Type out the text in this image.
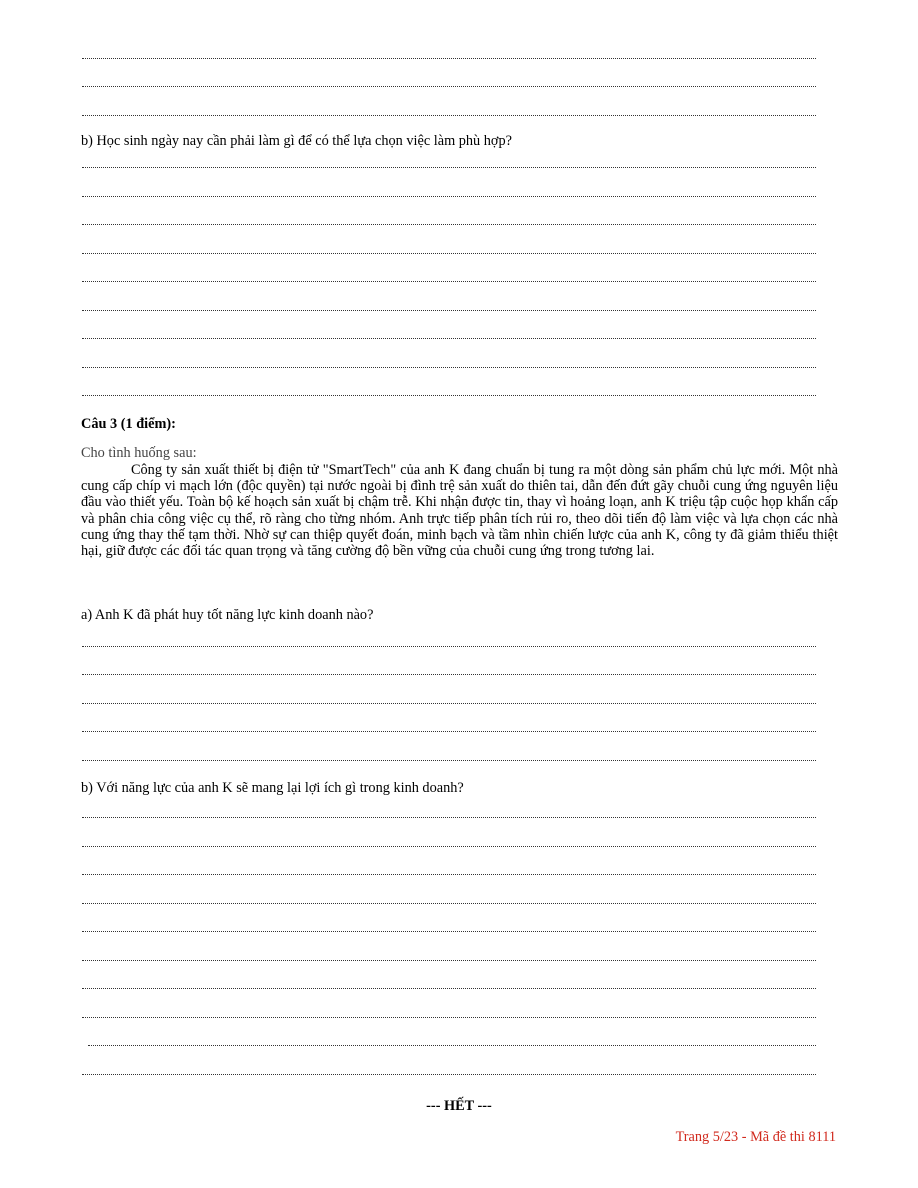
b) Học sinh ngày nay cần phải làm gì để có thể lựa chọn việc làm phù hợp?
Câu 3 (1 điểm):
Cho tình huống sau:
Công ty sản xuất thiết bị điện tử "SmartTech" của anh K đang chuẩn bị tung ra một dòng sản phẩm chủ lực mới. Một nhà cung cấp chíp vi mạch lớn (độc quyền) tại nước ngoài bị đình trệ sản xuất do thiên tai, dẫn đến đứt gãy chuỗi cung ứng nguyên liệu đầu vào thiết yếu. Toàn bộ kế hoạch sản xuất bị chậm trễ. Khi nhận được tin, thay vì hoảng loạn, anh K triệu tập cuộc họp khẩn cấp và phân chia công việc cụ thể, rõ ràng cho từng nhóm. Anh trực tiếp phân tích rủi ro, theo dõi tiến độ làm việc và lựa chọn các nhà cung ứng thay thế tạm thời. Nhờ sự can thiệp quyết đoán, minh bạch và tầm nhìn chiến lược của anh K, công ty đã giảm thiểu thiệt hại, giữ được các đối tác quan trọng và tăng cường độ bền vững của chuỗi cung ứng trong tương lai.
a) Anh K đã phát huy tốt năng lực kinh doanh nào?
b) Với năng lực của anh K sẽ mang lại lợi ích gì trong kinh doanh?
--- HẾT ---
Trang 5/23 - Mã đề thi 8111
